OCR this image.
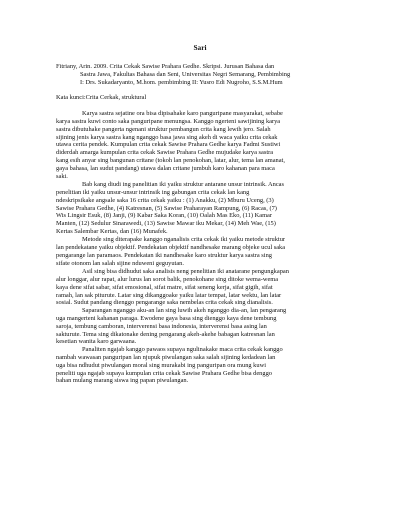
Sari
Fitriany, Arin. 2009. Crita Cekak Sawise Prahara Gedhe. Skripsi. Jurusan Bahasa dan
Sastra Jawa, Fakultas Bahasa dan Seni, Universitas Negri Semarang, Pembimbing
I: Drs. Sukadaryanto, M.hom. pembimbing II: Yusro Edi Nugroho, S.S.M.Hum
Kata kunci:Crita Cerkak, struktural
Karya sastra sejatine ora bisa dipisahake karo panguripane masyarakat, sebabe
karya sastra kuwi conto saka panguripane menungsa. Kanggo ngerteni sawijining karya
sastra dibutuhake pangerta ngenani struktur pembangun crita kang lewih jero. Salah
sijining jenis karya sastra kang nganggo basa jawa sing akeh di waca yaiku crita cekak
utawa cerita pendek. Kumpulan crita cekak Sawise Prahara Gedhe karya Fadmi Sustiwi
diderdah amarga kumpulan crita cekak Sawise Prahara Gedhe mujudake karya sastra
kang esih anyar sing bangunan critane (tokoh lan penokohan, latar, alur, tema lan amanat,
gaya bahasa, lan sudut pandang) utawa dalan critane jumbuh karo kahanan para maca
saki.
Bab kang diudi ing panelitian iki yaiku struktur antarane unsur intrinsik. Ancas
penelitian iki yaiku unsur-unsur intrinsik ing gabungan crita cekak lan kang
ndeskripsikake angsale saka 16 crita cekak yaiku : (1) Anakku, (2) Mburu Uceng, (3)
Sawise Prahara Gedhe, (4) Katresnan, (5) Sawise Praharayan Rampung, (6) Racas, (7)
Wis Lingsir Esuk, (8) Janji, (9) Kabar Saka Koran, (10) Oalah Mas Eko, (11) Kamar
Manten, (12) Sedulur Sinarawedi, (13) Sawise Mawar iku Mekar, (14) Meh Wae, (15)
Kertas Salembar Kertas, dan (16) Munafek.
Metode sing diterapake kanggo nganalisis crita cekak iki yaiku metode struktur
lan pendekatane yaiku objektif. Pendekatan objektif nandhesake marang objeke ucul saka
pengarange lan paramaos. Pendekatan iki nandhesake karo struktur karya sastra sing
sifate otonom lan salah sijine nduweni geguyutan.
Asil sing bisa didhudut saka analisis neng penelitian iki anatarane pengungkapan
alur longgar, alur rapat, alur lurus lan sorot balik, penokohane sing ditoke wema-wema
kaya dene sifat sabar, sifat emosional, sifat matre, sifat seneng kerja, sifat gigih, sifat
ramah, lan sak piturute. Latar sing dikanggoake yaiku latar tempat, latar wektu, lan latar
sosial. Sudut pandang dienggo pengarange saka nembelas crita cekak sing dianalisis.
Saparangan nganggo aku-an lan sing luwih akeh nganggo dia-an, lan pengarang
uga mangerteni kahanan paraga. Ewodene gaya basa sing dienggo kaya dene tembung
saroja, tembung camboran, interverensi basa indonesia, interverensi basa asing lan
sakturute. Tema sing dikatonake dening pengarang akeh-akehe babagan katresnan lan
kesetian wanita karo garwaana.
Panaliten ngajab kanggo pawaos supaya ngulinakake maca crita cekak kanggo
nambah wawasan panguripan lan njupuk piwulangan saka salah sijining kedadean lan
uga bisa ndhudut piwulangan moral sing murakabi ing panguripan ora mung kuwi
peneliti uga ngajab supaya kumpulan crita cekak Sawise Prahara Gedhe bisa denggo
bahan mulang marang siswa ing papan piwulangan.
